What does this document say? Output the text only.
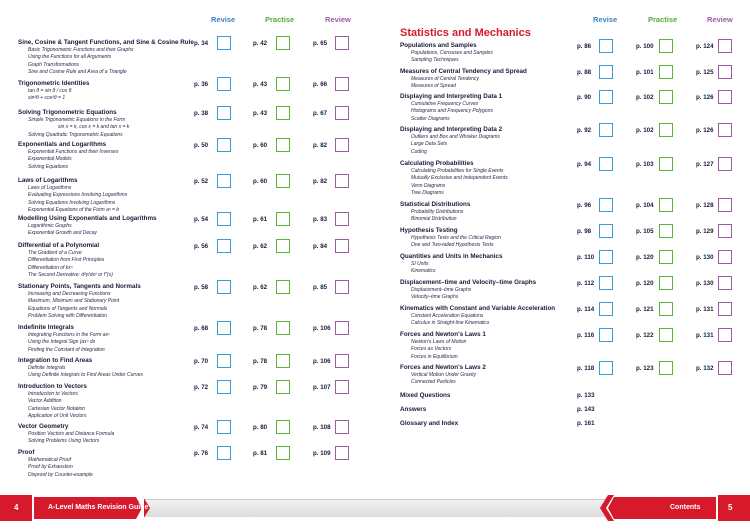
Revise	Practise	Review
Sine, Cosine & Tangent Functions, and Sine & Cosine Rule
Basic Trigonometric Functions and their Graphs
Using the Functions for all Arguments
Graph Transformations
Sine and Cosine Rule and Area of a Triangle
p. 34	p. 42	p. 65
Trigonometric Identities
tan θ = sin θ / cos θ
sin²θ + cos²θ = 1
p. 36	p. 43	p. 66
Solving Trigonometric Equations
Simple Trigonometric Equations in the Form
sin x = k, cos x = k and tan x = k
Solving Quadratic Trigonometric Equations
p. 38	p. 43	p. 67
Exponentials and Logarithms
Exponential Functions and their Inverses
Exponential Models
Solving Equations
p. 50	p. 60	p. 82
Laws of Logarithms
Laws of Logarithms
Evaluating Expressions Involving Logarithms
Solving Equations Involving Logarithms
Exponential Equations of the Form aˣ = b
p. 52	p. 60	p. 82
Modelling Using Exponentials and Logarithms
Logarithmic Graphs
Exponential Growth and Decay
p. 54	p. 61	p. 83
Differential of a Polynomial
The Gradient of a Curve
Differentiation from First Principles
Differentiation of kxⁿ
The Second Derivative: d²y/dx² or f″(x)
p. 56	p. 62	p. 84
Stationary Points, Tangents and Normals
Increasing and Decreasing Functions
Maximum, Minimum and Stationary Point
Equations of Tangents and Normals
Problem Solving with Differentiation
p. 58	p. 62	p. 85
Indefinite Integrals
Integrating Functions in the Form axⁿ
Using the Integral Sign ∫axⁿ dx
Finding the Constant of Integration
p. 68	p. 78	p. 106
Integration to Find Areas
Definite Integrals
Using Definite Integrals to Find Areas Under Curves
p. 70	p. 78	p. 106
Introduction to Vectors
Introduction to Vectors
Vector Addition
Cartesian Vector Notation
Application of Unit Vectors
p. 72	p. 79	p. 107
Vector Geometry
Position Vectors and Distance Formula
Solving Problems Using Vectors
p. 74	p. 80	p. 108
Proof
Mathematical Proof
Proof by Exhaustion
Disproof by Counter-example
p. 76	p. 81	p. 109
Revise	Practise	Review
Statistics and Mechanics
Populations and Samples
Populations, Censuses and Samples
Sampling Techniques
p. 86	p. 100	p. 124
Measures of Central Tendency and Spread
Measures of Central Tendency
Measures of Spread
p. 88	p. 101	p. 125
Displaying and Interpreting Data 1
Cumulative Frequency Curves
Histograms and Frequency Polygons
Scatter Diagrams
p. 90	p. 102	p. 126
Displaying and Interpreting Data 2
Outliers and Box and Whisker Diagrams
Large Data Sets
Coding
p. 92	p. 102	p. 126
Calculating Probabilities
Calculating Probabilities for Single Events
Mutually Exclusive and Independent Events
Venn Diagrams
Tree Diagrams
p. 94	p. 103	p. 127
Statistical Distributions
Probability Distributions
Binomial Distribution
p. 96	p. 104	p. 128
Hypothesis Testing
Hypothesis Tests and the Critical Region
One and Two-tailed Hypothesis Tests
p. 98	p. 105	p. 129
Quantities and Units in Mechanics
SI Units
Kinematics
p. 110	p. 120	p. 130
Displacement–time and Velocity–time Graphs
Displacement–time Graphs
Velocity–time Graphs
p. 112	p. 120	p. 130
Kinematics with Constant and Variable Acceleration
Constant Acceleration Equations
Calculus in Straight-line Kinematics
p. 114	p. 121	p. 131
Forces and Newton's Laws 1
Newton's Laws of Motion
Forces as Vectors
Forces in Equilibrium
p. 116	p. 122	p. 131
Forces and Newton's Laws 2
Vertical Motion Under Gravity
Connected Particles
p. 118	p. 123	p. 132
Mixed Questions	p. 133
Answers	p. 143
Glossary and Index	p. 161
4	A-Level Maths Revision Guide	Contents	5
